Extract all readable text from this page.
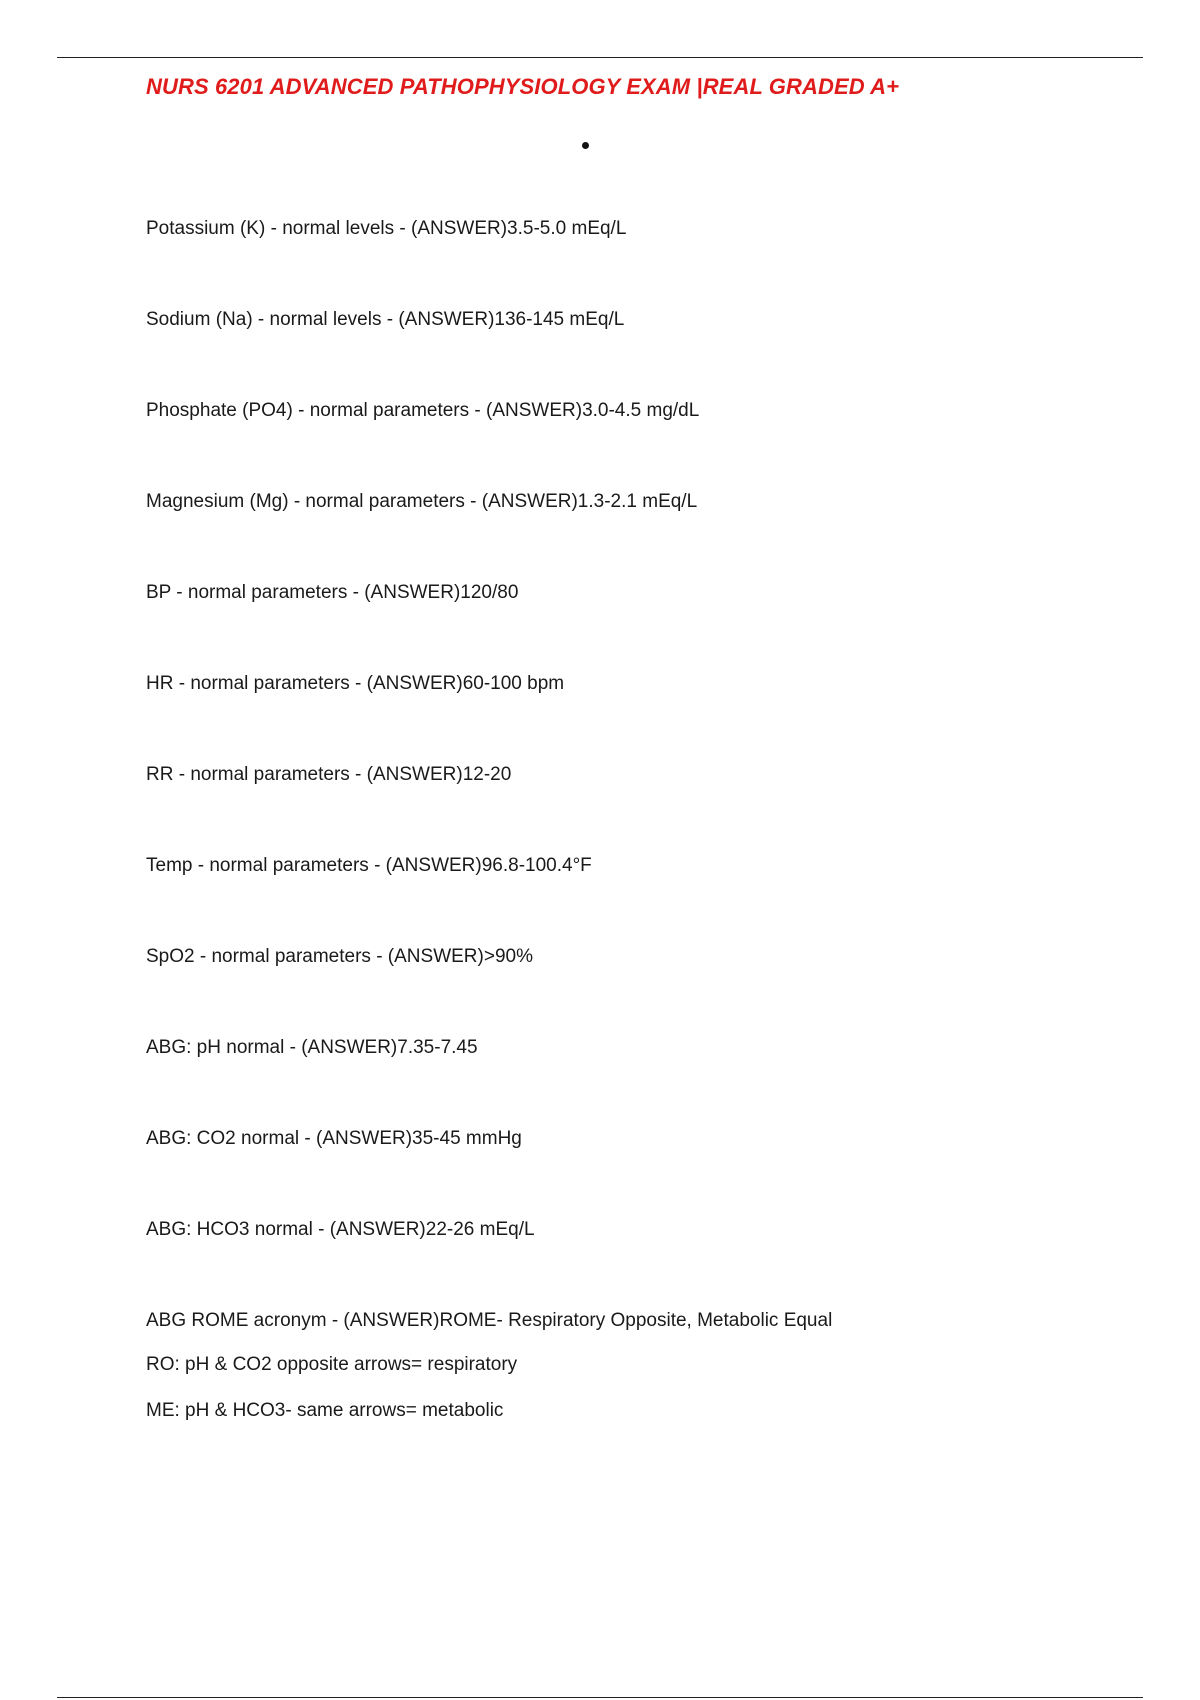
NURS 6201 ADVANCED PATHOPHYSIOLOGY EXAM |REAL GRADED A+
Potassium (K) - normal levels - (ANSWER)3.5-5.0 mEq/L
Sodium (Na) - normal levels - (ANSWER)136-145 mEq/L
Phosphate (PO4) - normal parameters - (ANSWER)3.0-4.5 mg/dL
Magnesium (Mg) - normal parameters - (ANSWER)1.3-2.1 mEq/L
BP - normal parameters - (ANSWER)120/80
HR - normal parameters - (ANSWER)60-100 bpm
RR - normal parameters - (ANSWER)12-20
Temp - normal parameters - (ANSWER)96.8-100.4°F
SpO2 - normal parameters - (ANSWER)>90%
ABG: pH normal - (ANSWER)7.35-7.45
ABG: CO2 normal - (ANSWER)35-45 mmHg
ABG: HCO3 normal - (ANSWER)22-26 mEq/L
ABG ROME acronym - (ANSWER)ROME- Respiratory Opposite, Metabolic Equal
RO: pH & CO2 opposite arrows= respiratory
ME: pH & HCO3- same arrows= metabolic
